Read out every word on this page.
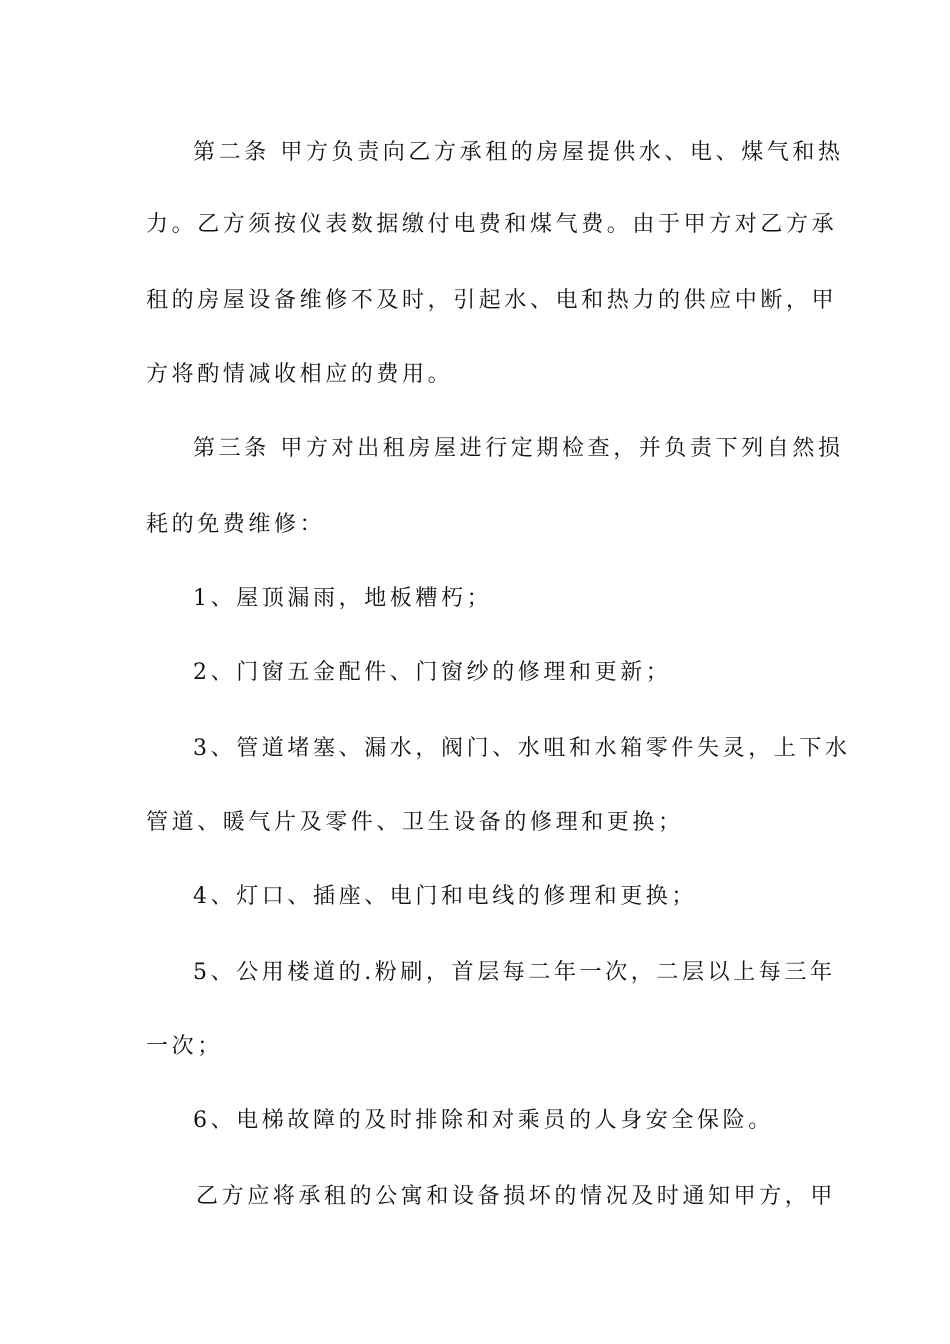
第二条 甲方负责向乙方承租的房屋提供水、电、煤气和热
力。乙方须按仪表数据缴付电费和煤气费。由于甲方对乙方承
租的房屋设备维修不及时，引起水、电和热力的供应中断，甲
方将酌情减收相应的费用。
第三条 甲方对出租房屋进行定期检查，并负责下列自然损
耗的免费维修：
1、屋顶漏雨，地板糟朽；
2、门窗五金配件、门窗纱的修理和更新；
3、管道堵塞、漏水，阀门、水咀和水箱零件失灵，上下水
管道、暖气片及零件、卫生设备的修理和更换；
4、灯口、插座、电门和电线的修理和更换；
5、公用楼道的.粉刷，首层每二年一次，二层以上每三年
一次；
6、电梯故障的及时排除和对乘员的人身安全保险。
乙方应将承租的公寓和设备损坏的情况及时通知甲方，甲
